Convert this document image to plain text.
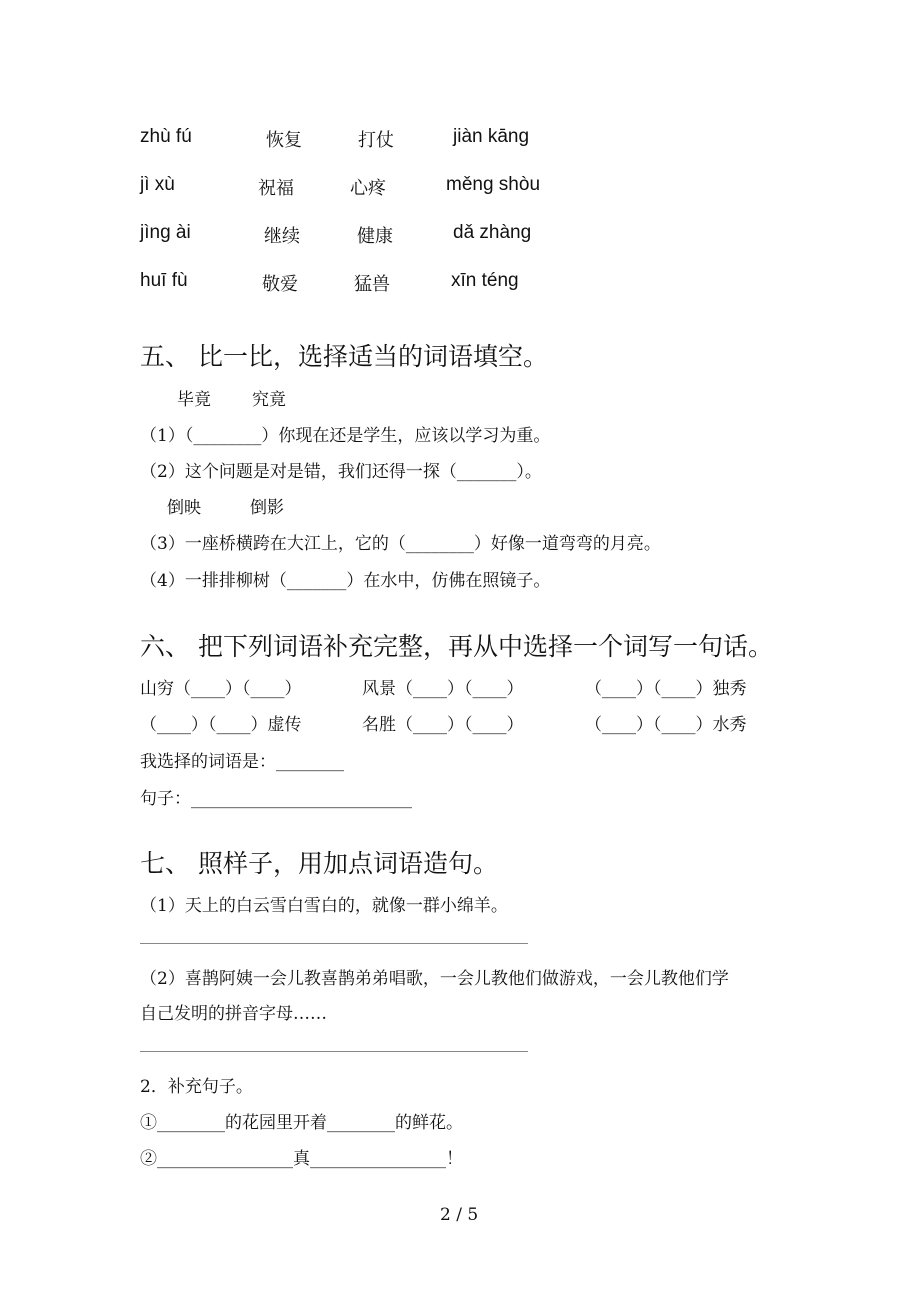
zhù fú	恢复	打仗	jiàn kāng
jì xù	祝福	心疼	měng shòu
jìng ài	继续	健康	dǎ zhàng
huī fù	敬爱	猛兽	xīn téng
五、 比一比，选择适当的词语填空。
毕竟 究竟
（1）（________）你现在还是学生，应该以学习为重。
（2）这个问题是对是错，我们还得一探（_______）。
倒映	倒影
（3）一座桥横跨在大江上，它的（________）好像一道弯弯的月亮。
（4）一排排柳树（_______）在水中，仿佛在照镜子。
六、 把下列词语补充完整，再从中选择一个词写一句话。
山穷（____）（____）	风景（____）（____）	（____）（____）独秀
（____）（____）虚传	名胜（____）（____）	（____）（____）水秀
我选择的词语是：________
句子：__________________________
七、 照样子，用加点词语造句。
（1）天上的白云雪白雪白的，就像一群小绵羊。
（2）喜鹊阿姨一会儿教喜鹊弟弟唱歌，一会儿教他们做游戏，一会儿教他们学
自己发明的拼音字母……
2．补充句子。
①________的花园里开着________的鲜花。
②________________真________________！
2 / 5
